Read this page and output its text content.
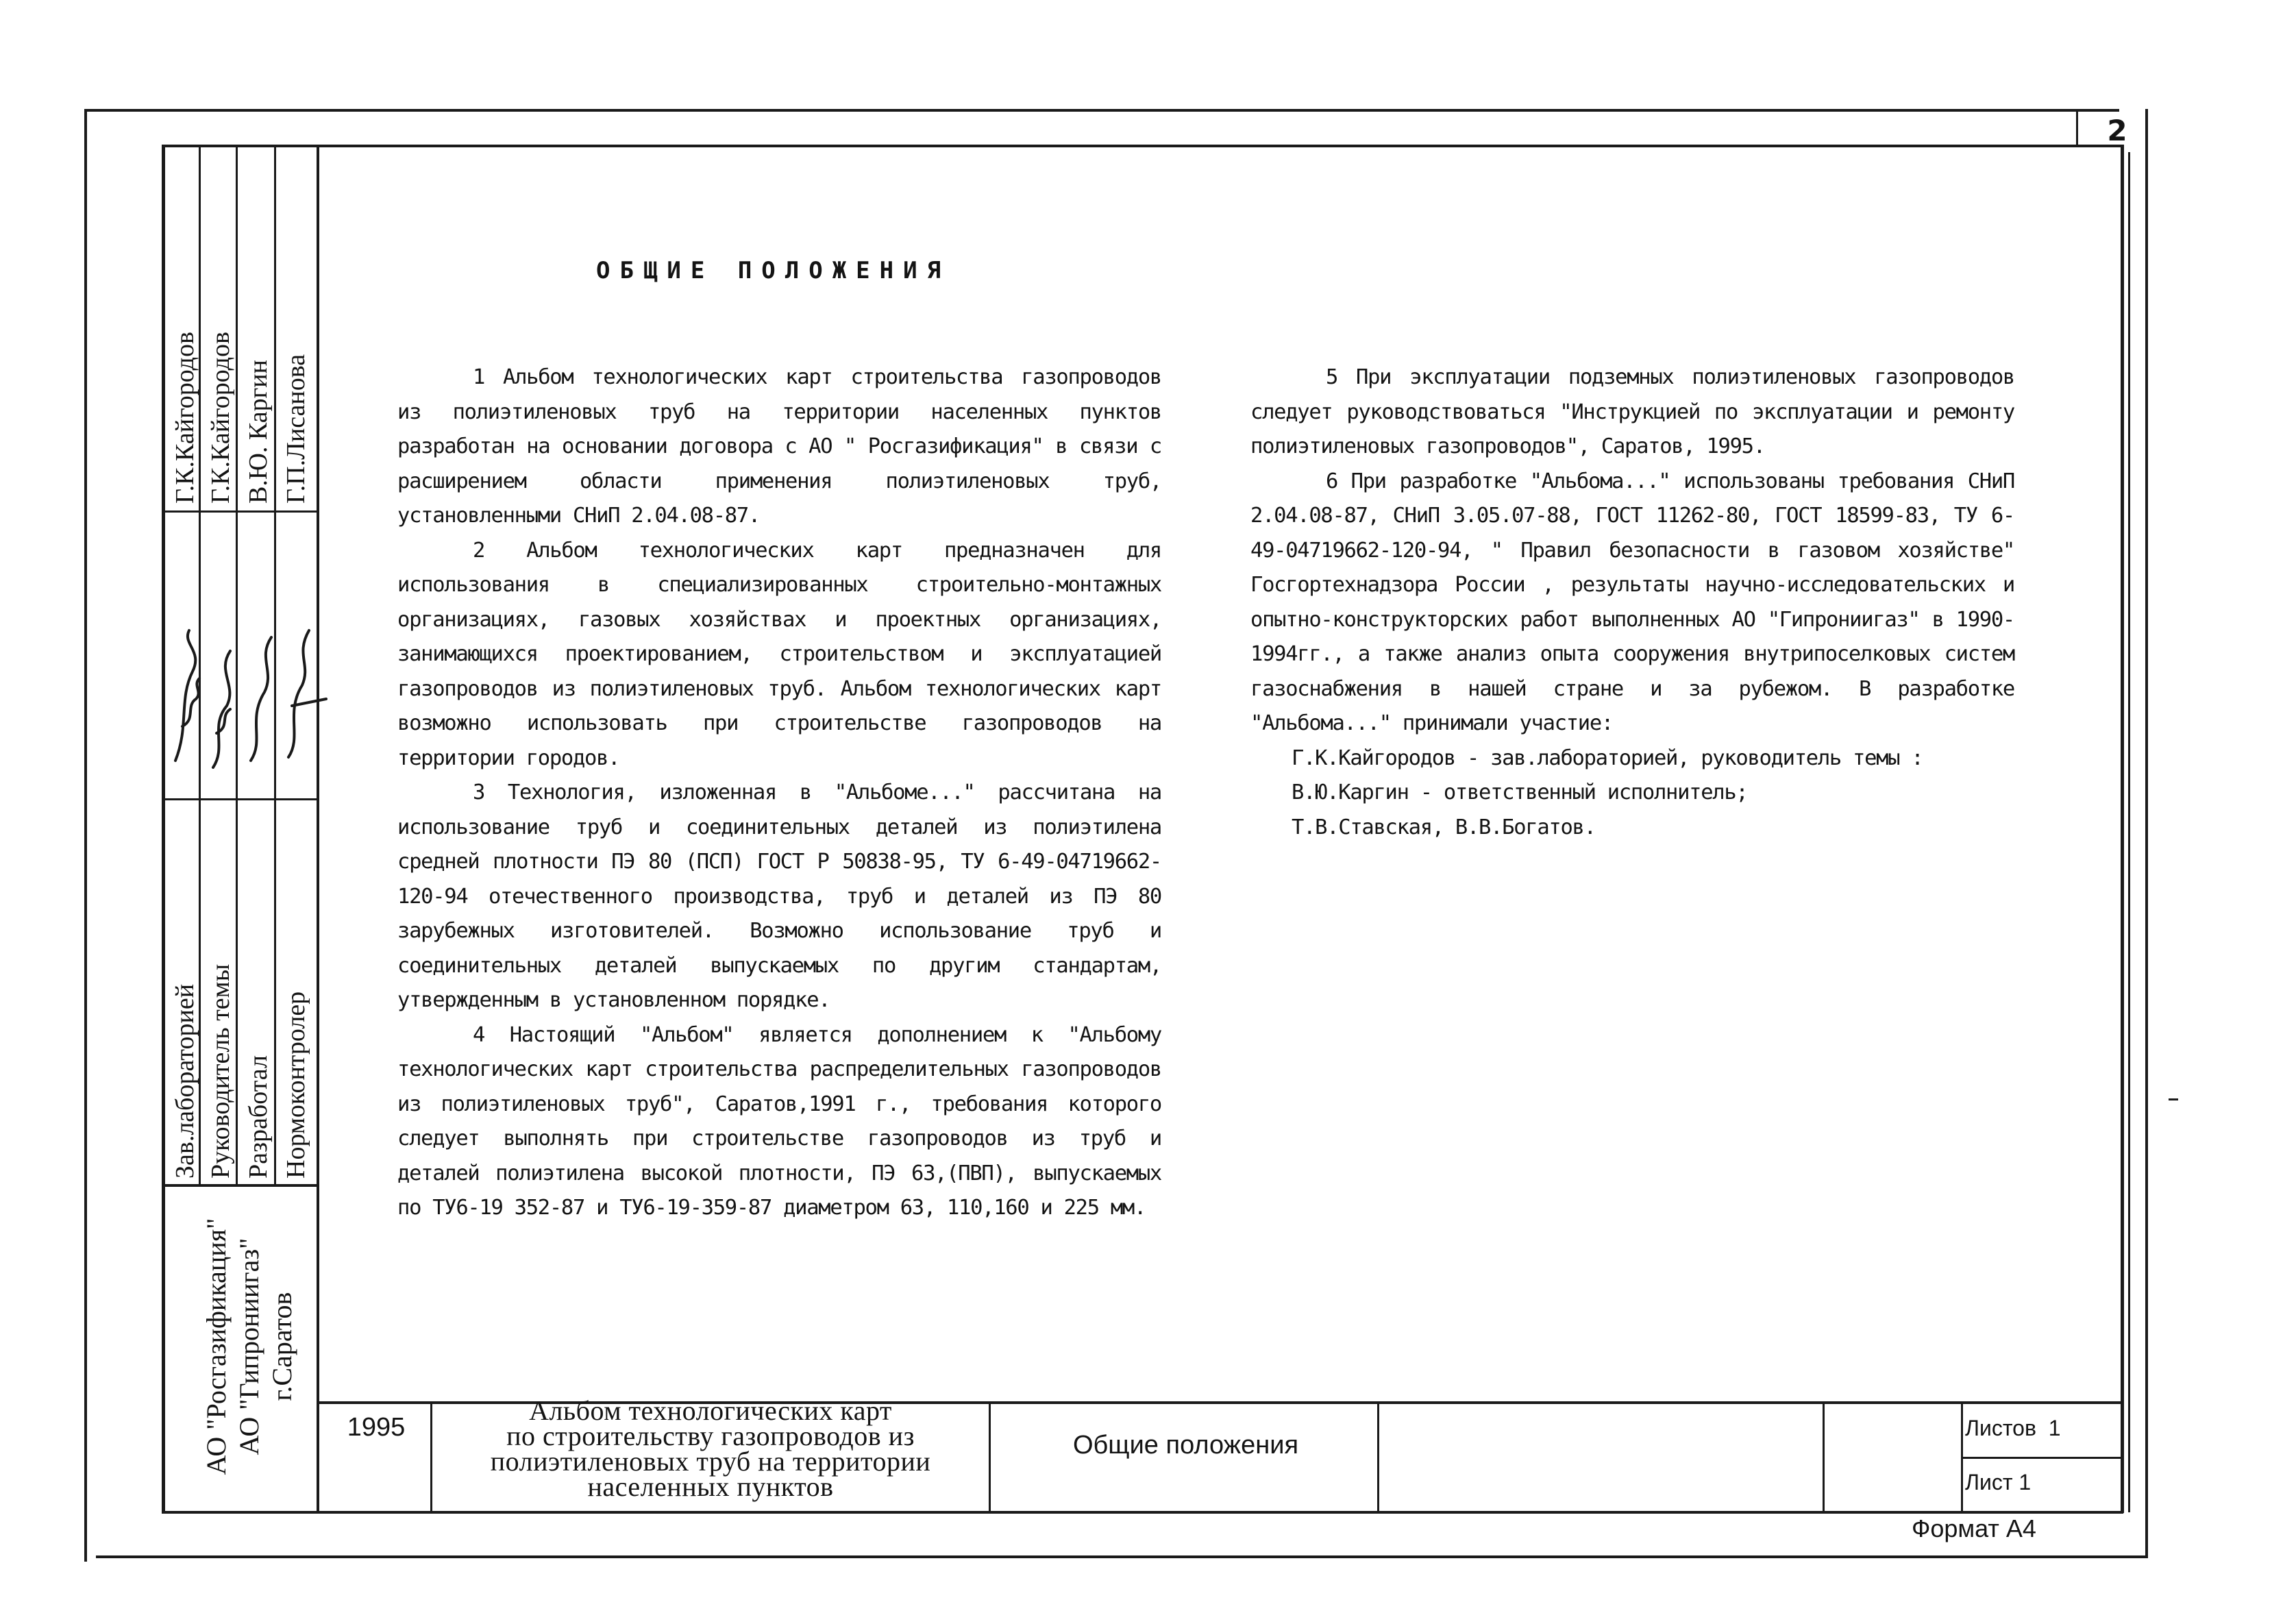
2
Г.К.Кайгородов Г.К.Кайгородов В.Ю. Каргин Г.П.Лисанова
Зав.лабораторией Руководитель темы Разработал Нормоконтролер
АО "Росгазификация" АО "Гипрониигаз" г.Саратов
ОБЩИЕ ПОЛОЖЕНИЯ

1 Альбом технологических карт строительства газопроводов из полиэтиленовых труб на территории населенных пунктов разработан на основании договора с АО " Росгазификация" в связи с расширением области применения полиэтиленовых труб, установленными СНиП 2.04.08-87.

2 Альбом технологических карт предназначен для использования в специализированных строительно-монтажных организациях, газовых хозяйствах и проектных организациях, занимающихся проектированием, строительством и эксплуатацией газопроводов из полиэтиленовых труб. Альбом технологических карт возможно использовать при строительстве газопроводов на территории городов.

3 Технология, изложенная в "Альбоме..." рассчитана на использование труб и соединительных деталей из полиэтилена средней плотности ПЭ 80 (ПСП) ГОСТ Р 50838-95, ТУ 6-49-04719662-120-94 отечественного производства, труб и деталей из ПЭ 80 зарубежных изготовителей. Возможно использование труб и соединительных деталей выпускаемых по другим стандартам, утвержденным в установленном порядке.

4 Настоящий "Альбом" является дополнением к "Альбому технологических карт строительства распределительных газопроводов из полиэтиленовых труб", Саратов,1991 г., требования которого следует выполнять при строительстве газопроводов из труб и деталей полиэтилена высокой плотности, ПЭ 63,(ПВП), выпускаемых по ТУ6-19 352-87 и ТУ6-19-359-87 диаметром 63, 110,160 и 225 мм.

5 При эксплуатации подземных полиэтиленовых газопроводов следует руководствоваться "Инструкцией по эксплуатации и ремонту полиэтиленовых газопроводов", Саратов, 1995.

6 При разработке "Альбома..." использованы требования СНиП 2.04.08-87, СНиП 3.05.07-88, ГОСТ 11262-80, ГОСТ 18599-83, ТУ 6-49-04719662-120-94, " Правил безопасности в газовом хозяйстве" Госгортехнадзора России , результаты научно-исследовательских и опытно-конструкторских работ выполненных АО "Гипрониигаз" в 1990-1994гг., а также анализ опыта сооружения внутрипоселковых систем газоснабжения в нашей стране и за рубежом. В разработке "Альбома..." принимали участие:

Г.К.Кайгородов - зав.лабораторией, руководитель темы :

В.Ю.Каргин - ответственный исполнитель;

Т.В.Ставская, В.В.Богатов.

1995
Альбом технологических карт
по строительству газопроводов из
полиэтиленовых труб на территории
населенных пунктов
Общие положения
Листов 1
Лист 1
Формат А4
